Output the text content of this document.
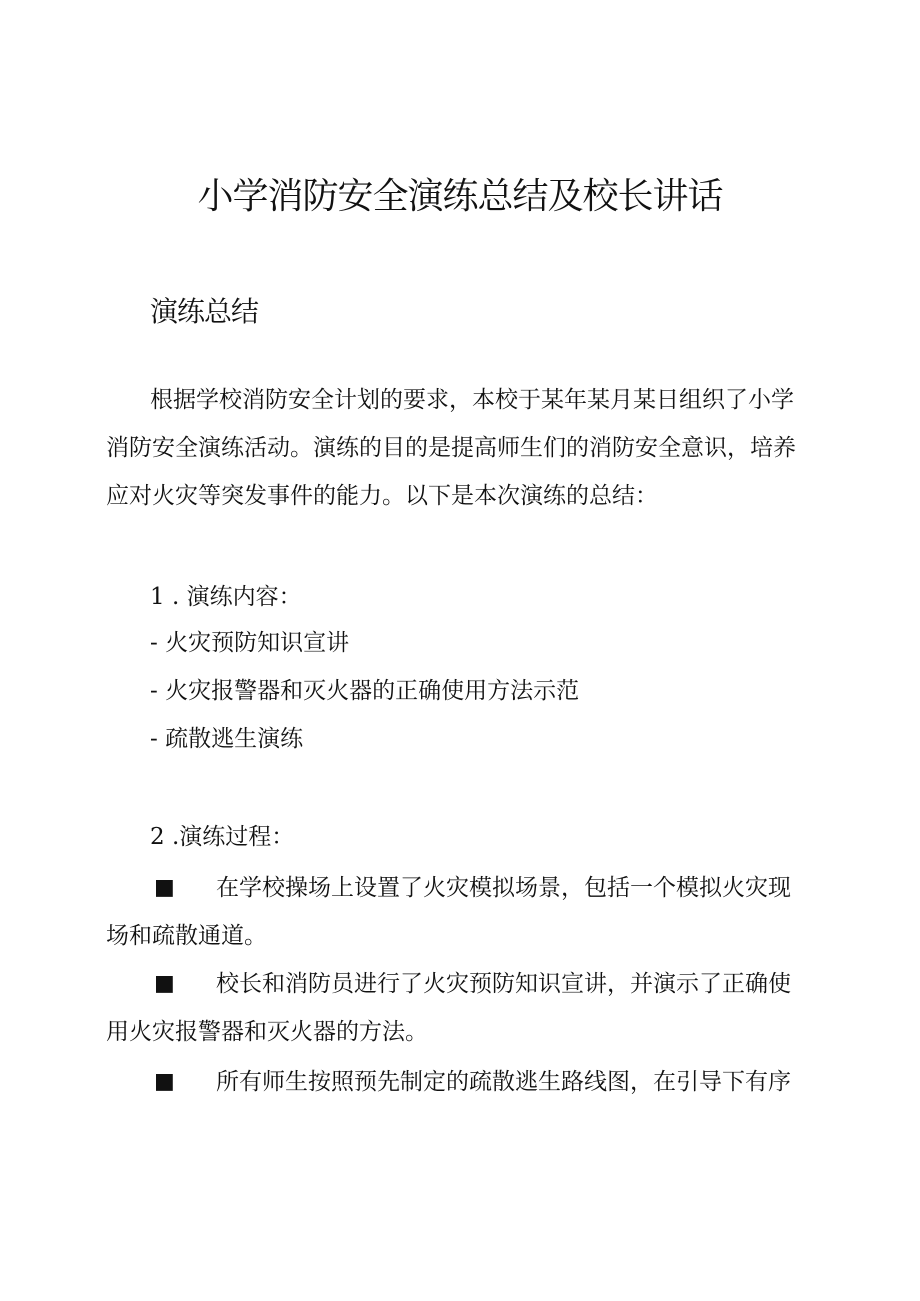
小学消防安全演练总结及校长讲话
演练总结
根据学校消防安全计划的要求，本校于某年某月某日组织了小学
消防安全演练活动。演练的目的是提高师生们的消防安全意识，培养
应对火灾等突发事件的能力。以下是本次演练的总结：

1 . 演练内容：

- 火灾预防知识宣讲

- 火灾报警器和灭火器的正确使用方法示范

- 疏散逃生演练

2 .演练过程：

■ 在学校操场上设置了火灾模拟场景，包括一个模拟火灾现
场和疏散通道。
■ 校长和消防员进行了火灾预防知识宣讲，并演示了正确使
用火灾报警器和灭火器的方法。
■ 所有师生按照预先制定的疏散逃生路线图，在引导下有序
